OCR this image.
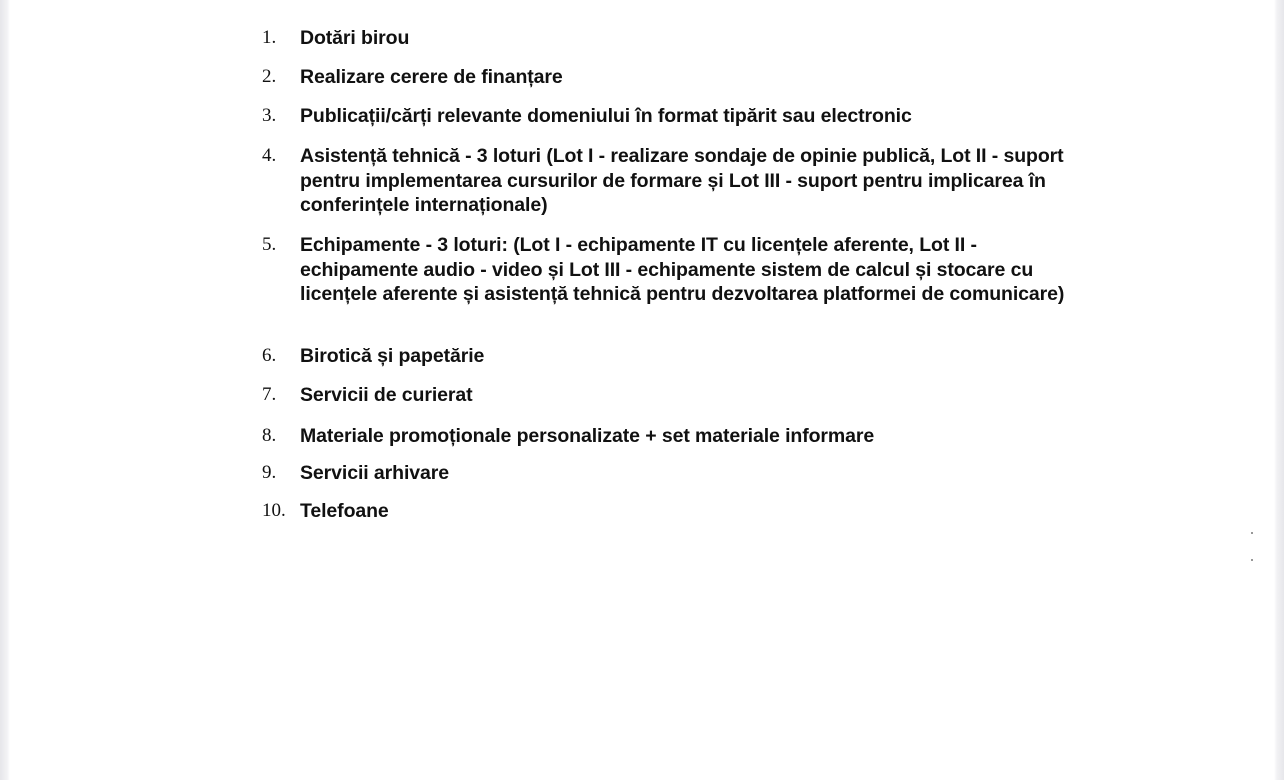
1.	Dotări birou
2.	Realizare cerere de finanțare
3.	Publicații/cărți relevante domeniului în format tipărit sau electronic
4.	Asistență tehnică - 3 loturi (Lot I - realizare sondaje de opinie publică, Lot II - suport pentru implementarea cursurilor de formare și Lot III - suport pentru implicarea în conferințele internaționale)
5.	Echipamente - 3 loturi: (Lot I - echipamente IT cu licențele aferente, Lot II - echipamente audio - video și Lot III - echipamente sistem de calcul și stocare cu licențele aferente și asistență tehnică pentru dezvoltarea platformei de comunicare)
6.	Birotică și papetărie
7.	Servicii de curierat
8.	Materiale promoționale personalizate + set materiale informare
9.	Servicii arhivare
10. Telefoane
